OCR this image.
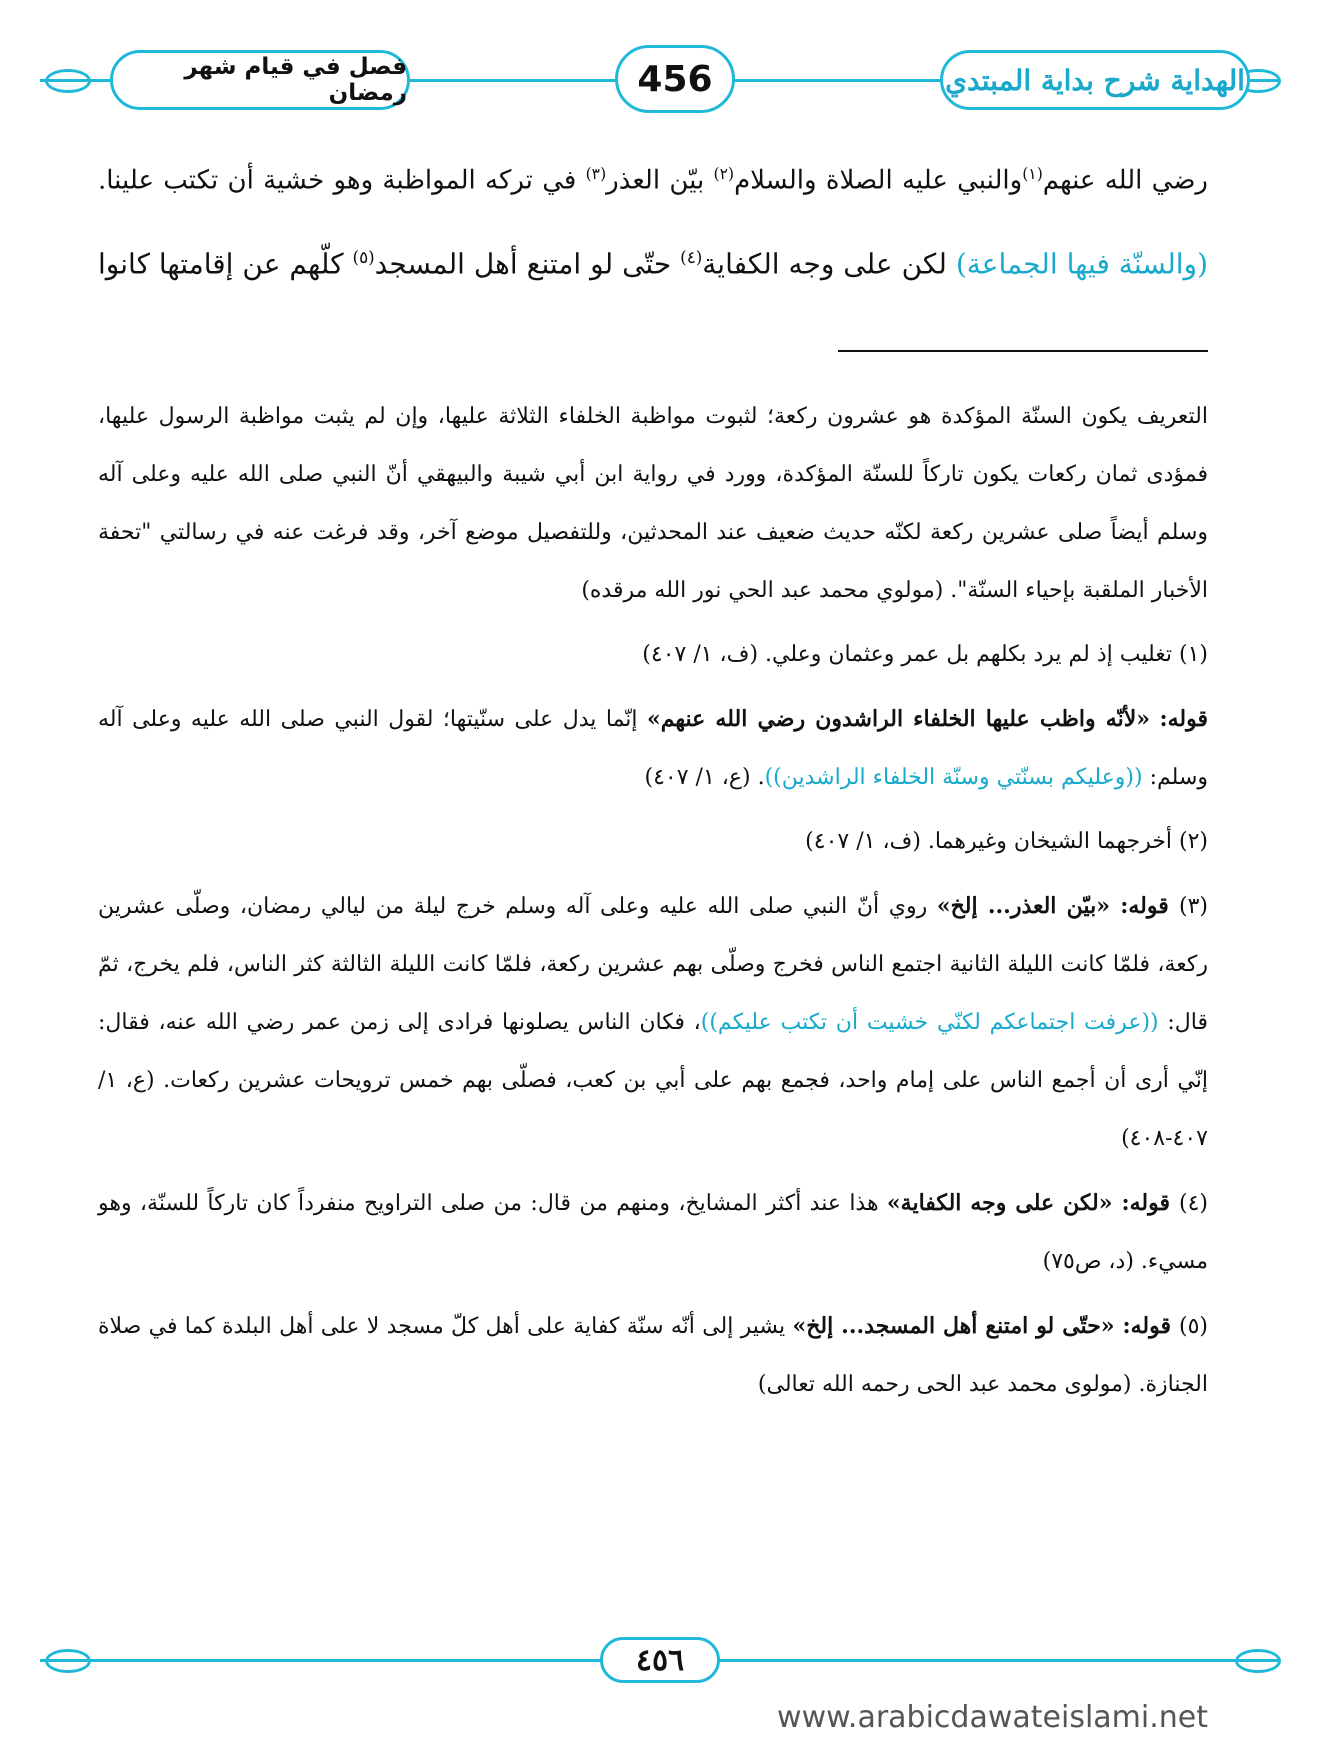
فصل في قيام شهر رمضان	456	الهداية شرح بداية المبتدي
رضي الله عنهم$^{(١)}$والنبي عليه الصلاة والسلام$^{(٢)}$ بيّن العذر$^{(٣)}$ في تركه المواظبة وهو خشية أن تكتب علينا.
(والسنّة فيها الجماعة) لكن على وجه الكفاية$^{(٤)}$ حتّى لو امتنع أهل المسجد$^{(٥)}$ كلّهم عن إقامتها كانوا

التعريف يكون السنّة المؤكدة هو عشرون ركعة؛ لثبوت مواظبة الخلفاء الثلاثة عليها، وإن لم يثبت مواظبة الرسول عليها، فمؤدى ثمان ركعات يكون تاركاً للسنّة المؤكدة، وورد في رواية ابن أبي شيبة والبيهقي أنّ النبي صلى الله عليه وعلى آله وسلم أيضاً صلى عشرين ركعة لكنّه حديث ضعيف عند المحدثين، وللتفصيل موضع آخر، وقد فرغت عنه في رسالتي "تحفة الأخبار الملقبة بإحياء السنّة". (مولوي محمد عبد الحي نور الله مرقده)

(١) تغليب إذ لم يرد بكلهم بل عمر وعثمان وعلي. (ف، ١/ ٤٠٧)

قوله: «لأنّه واظب عليها الخلفاء الراشدون رضي الله عنهم» إنّما يدل على سنّيتها؛ لقول النبي صلى الله عليه وعلى آله وسلم: ((وعليكم بسنّتي وسنّة الخلفاء الراشدين)). (ع، ١/ ٤٠٧)

(٢) أخرجهما الشيخان وغيرهما. (ف، ١/ ٤٠٧)

(٣) قوله: «بيّن العذر... إلخ» روي أنّ النبي صلى الله عليه وعلى آله وسلم خرج ليلة من ليالي رمضان، وصلّى عشرين ركعة، فلمّا كانت الليلة الثانية اجتمع الناس فخرج وصلّى بهم عشرين ركعة، فلمّا كانت الليلة الثالثة كثر الناس، فلم يخرج، ثمّ قال: ((عرفت اجتماعكم لكنّي خشيت أن تكتب عليكم))، فكان الناس يصلونها فرادى إلى زمن عمر رضي الله عنه، فقال: إنّي أرى أن أجمع الناس على إمام واحد، فجمع بهم على أبي بن كعب، فصلّى بهم خمس ترويحات عشرين ركعات. (ع، ١/ ٤٠٧-٤٠٨)

(٤) قوله: «لكن على وجه الكفاية» هذا عند أكثر المشايخ، ومنهم من قال: من صلى التراويح منفرداً كان تاركاً للسنّة، وهو مسيء. (د، ص٧٥)

(٥) قوله: «حتّى لو امتنع أهل المسجد... إلخ» يشير إلى أنّه سنّة كفاية على أهل كلّ مسجد لا على أهل البلدة كما في صلاة الجنازة. (مولوى محمد عبد الحى رحمه الله تعالى)

٤٥٦
www.arabicdawateislami.net
